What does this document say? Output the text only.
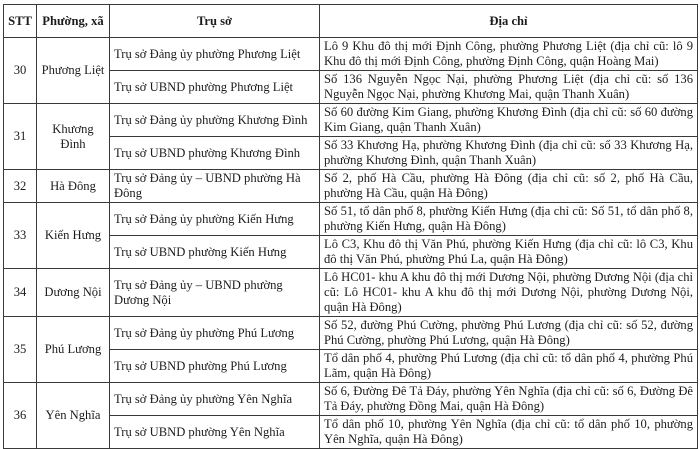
STT	Phường, xã	Trụ sở	Địa chỉ
30	Phương Liệt	Trụ sở Đảng ủy phường Phương Liệt	Lô 9 Khu đô thị mới Định Công, phường Phương Liệt (địa chỉ cũ: lô 9 Khu đô thị mới Định Công, phường Định Công, quận Hoàng Mai)
		Trụ sở UBND phường Phương Liệt	Số 136 Nguyễn Ngọc Nại, phường Phương Liệt (địa chỉ cũ: số 136 Nguyễn Ngọc Nại, phường Khương Mai, quận Thanh Xuân)
31	Khương Đình	Trụ sở Đảng ủy phường Khương Đình	Số 60 đường Kim Giang, phường Khương Đình (địa chỉ cũ: số 60 đường Kim Giang, quận Thanh Xuân)
		Trụ sở UBND phường Khương Đình	Số 33 Khương Hạ, phường Khương Đình (địa chỉ cũ: số 33 Khương Hạ, phường Khương Đình, quận Thanh Xuân)
32	Hà Đông	Trụ sở Đảng ủy – UBND phường Hà Đông	Số 2, phố Hà Cầu, phường Hà Đông (địa chỉ cũ: số 2, phố Hà Cầu, phường Hà Cầu, quận Hà Đông)
33	Kiến Hưng	Trụ sở Đảng ủy phường Kiến Hưng	Số 51, tổ dân phố 8, phường Kiến Hưng (địa chỉ cũ: Số 51, tổ dân phố 8, phường Kiến Hưng, quận Hà Đông)
		Trụ sở UBND phường Kiến Hưng	Lô C3, Khu đô thị Văn Phú, phường Kiến Hưng (địa chỉ cũ: lô C3, Khu đô thị Văn Phú, phường Phú La, quận Hà Đông)
34	Dương Nội	Trụ sở Đảng ủy – UBND phường Dương Nội	Lô HC01- khu A khu đô thị mới Dương Nội, phường Dương Nội (địa chỉ cũ: Lô HC01- khu A khu đô thị mới Dương Nội, phường Dương Nội, quận Hà Đông)
35	Phú Lương	Trụ sở Đảng ủy phường Phú Lương	Số 52, đường Phú Cường, phường Phú Lương (địa chỉ cũ: số 52, đường Phú Cường, phường Phú Lương, quận Hà Đông)
		Trụ sở UBND phường Phú Lương	Tổ dân phố 4, phường Phú Lương (địa chỉ cũ: tổ dân phố 4, phường Phú Lãm, quận Hà Đông)
36	Yên Nghĩa	Trụ sở Đảng ủy phường Yên Nghĩa	Số 6, Đường Đê Tả Đáy, phường Yên Nghĩa (địa chỉ cũ: số 6, Đường Đê Tả Đáy, phường Đồng Mai, quận Hà Đông)
		Trụ sở UBND phường Yên Nghĩa	Tổ dân phố 10, phường Yên Nghĩa (địa chỉ cũ: tổ dân phố 10, phường Yên Nghĩa, quận Hà Đông)
